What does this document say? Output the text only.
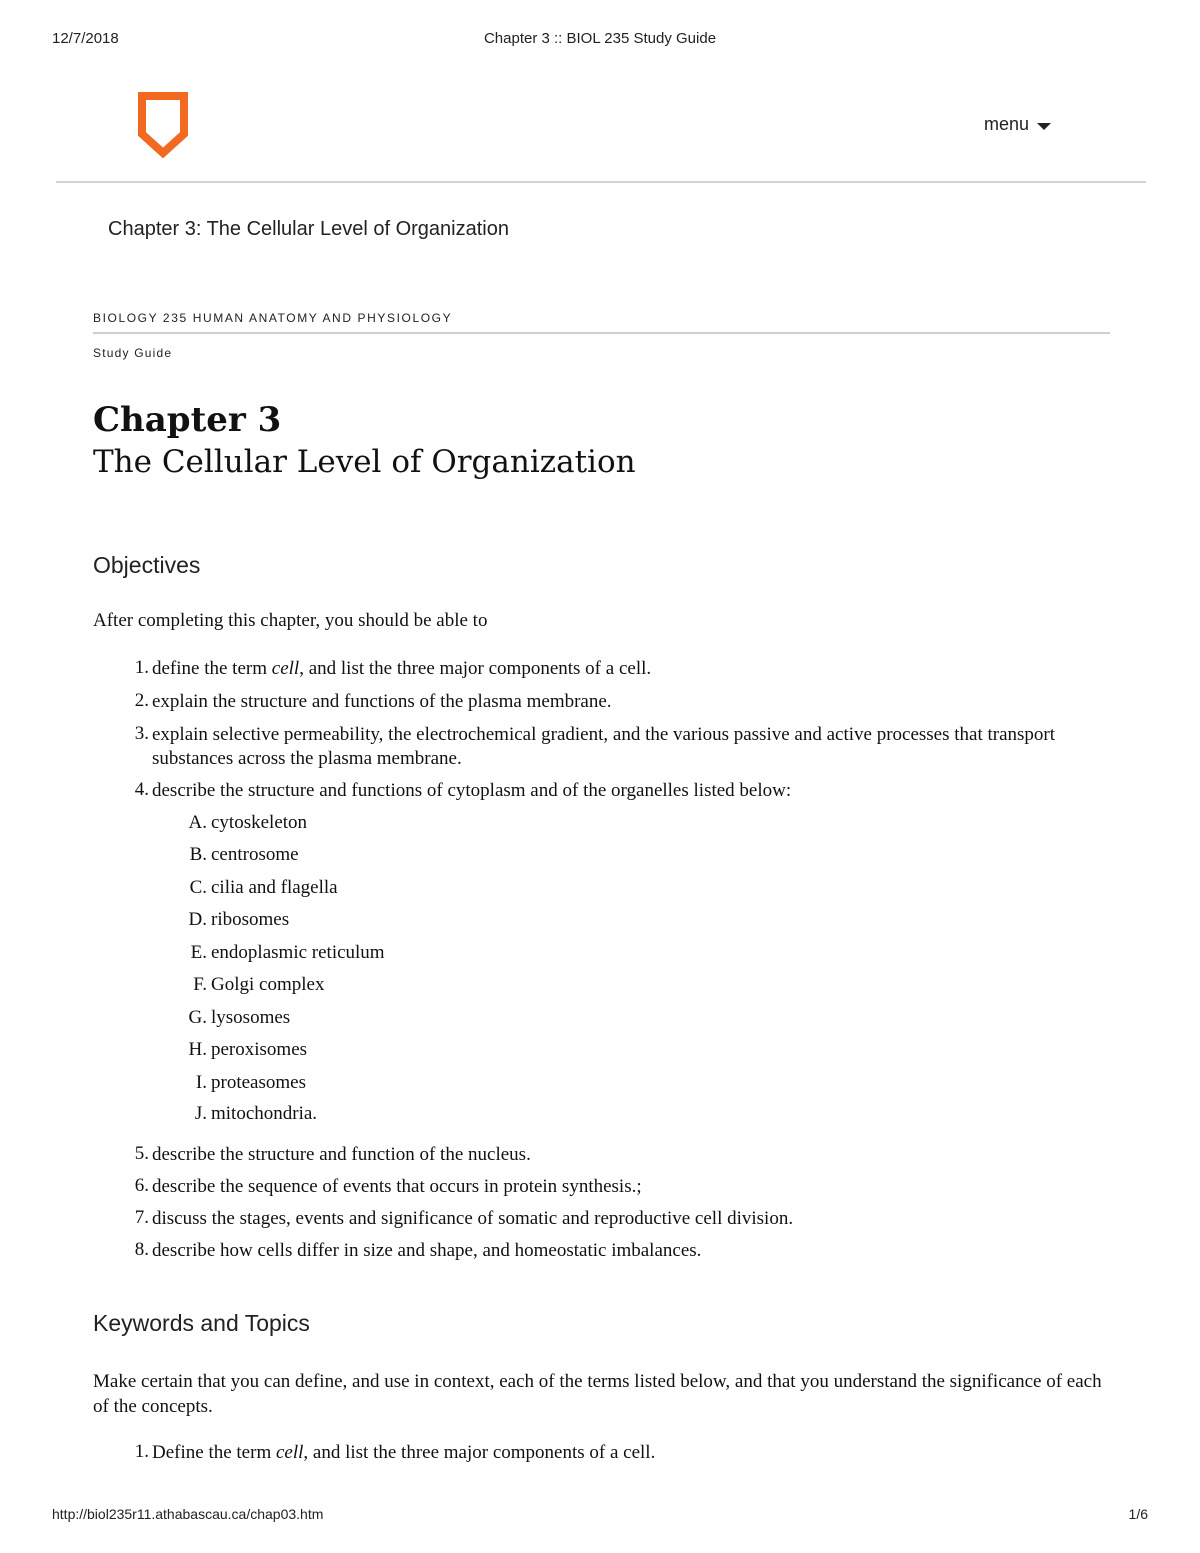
12/7/2018	Chapter 3 :: BIOL 235 Study Guide
menu
Chapter 3: The Cellular Level of Organization
BIOLOGY 235 HUMAN ANATOMY AND PHYSIOLOGY
Study Guide
Chapter 3
The Cellular Level of Organization
Objectives
After completing this chapter, you should be able to
1. define the term cell, and list the three major components of a cell.
2. explain the structure and functions of the plasma membrane.
3. explain selective permeability, the electrochemical gradient, and the various passive and active processes that transport substances across the plasma membrane.
4. describe the structure and functions of cytoplasm and of the organelles listed below:
A. cytoskeleton
B. centrosome
C. cilia and flagella
D. ribosomes
E. endoplasmic reticulum
F. Golgi complex
G. lysosomes
H. peroxisomes
I. proteasomes
J. mitochondria.
5. describe the structure and function of the nucleus.
6. describe the sequence of events that occurs in protein synthesis.;
7. discuss the stages, events and significance of somatic and reproductive cell division.
8. describe how cells differ in size and shape, and homeostatic imbalances.
Keywords and Topics
Make certain that you can define, and use in context, each of the terms listed below, and that you understand the significance of each of the concepts.
1. Define the term cell, and list the three major components of a cell.
http://biol235r11.athabascau.ca/chap03.htm	1/6
